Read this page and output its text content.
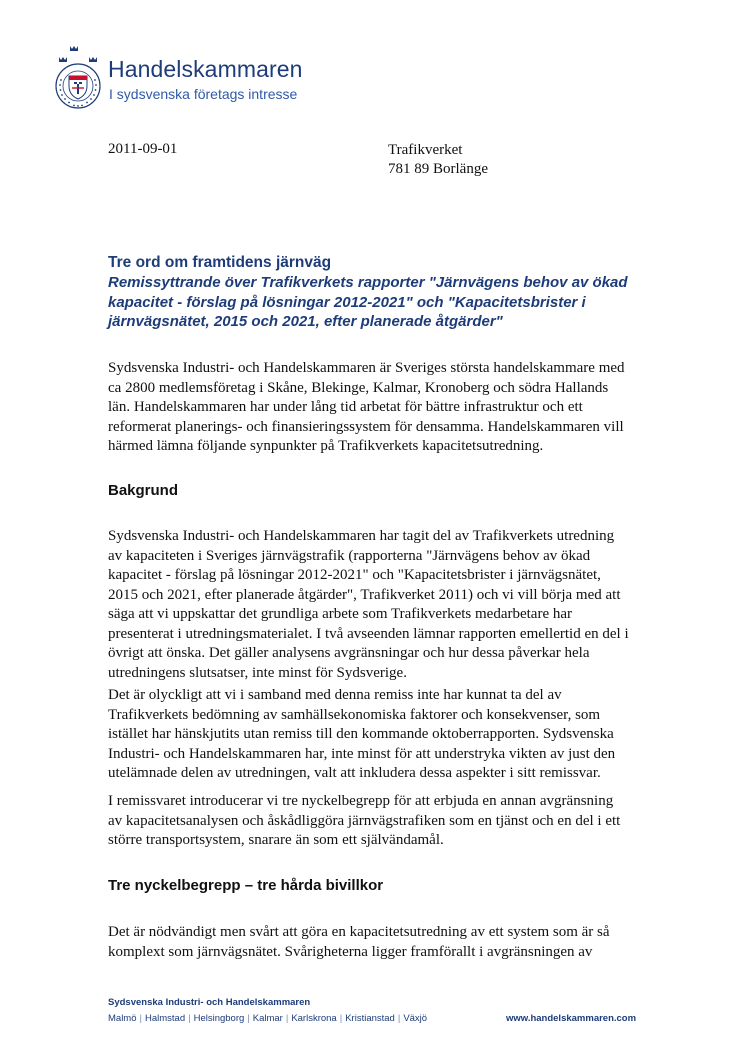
Handelskammaren
I sydsvenska företags intresse
2011-09-01	Trafikverket
781 89 Borlänge
Tre ord om framtidens järnväg
Remissyttrande över Trafikverkets rapporter "Järnvägens behov av ökad
kapacitet - förslag på lösningar 2012-2021" och "Kapacitetsbrister i
järnvägsnätet, 2015 och 2021, efter planerade åtgärder"
Sydsvenska Industri- och Handelskammaren är Sveriges största handelskammare med
ca 2800 medlemsföretag i Skåne, Blekinge, Kalmar, Kronoberg och södra Hallands
län. Handelskammaren har under lång tid arbetat för bättre infrastruktur och ett
reformerat planerings- och finansieringssystem för densamma. Handelskammaren vill
härmed lämna följande synpunkter på Trafikverkets kapacitetsutredning.
Bakgrund
Sydsvenska Industri- och Handelskammaren har tagit del av Trafikverkets utredning
av kapaciteten i Sveriges järnvägstrafik (rapporterna "Järnvägens behov av ökad
kapacitet - förslag på lösningar 2012-2021" och "Kapacitetsbrister i järnvägsnätet,
2015 och 2021, efter planerade åtgärder", Trafikverket 2011) och vi vill börja med att
säga att vi uppskattar det grundliga arbete som Trafikverkets medarbetare har
presenterat i utredningsmaterialet. I två avseenden lämnar rapporten emellertid en del i
övrigt att önska. Det gäller analysens avgränsningar och hur dessa påverkar hela
utredningens slutsatser, inte minst för Sydsverige.
Det är olyckligt att vi i samband med denna remiss inte har kunnat ta del av
Trafikverkets bedömning av samhällsekonomiska faktorer och konsekvenser, som
istället har hänskjutits utan remiss till den kommande oktoberrapporten. Sydsvenska
Industri- och Handelskammaren har, inte minst för att understryka vikten av just den
utelämnade delen av utredningen, valt att inkludera dessa aspekter i sitt remissvar.
I remissvaret introducerar vi tre nyckelbegrepp för att erbjuda en annan avgränsning
av kapacitetsanalysen och åskådliggöra järnvägstrafiken som en tjänst och en del i ett
större transportsystem, snarare än som ett självändamål.
Tre nyckelbegrepp – tre hårda bivillkor
Det är nödvändigt men svårt att göra en kapacitetsutredning av ett system som är så
komplext som järnvägsnätet. Svårigheterna ligger framförallt i avgränsningen av
Sydsvenska Industri- och Handelskammaren
Malmö | Halmstad | Helsingborg | Kalmar | Karlskrona | Kristianstad | Växjö	www.handelskammaren.com
